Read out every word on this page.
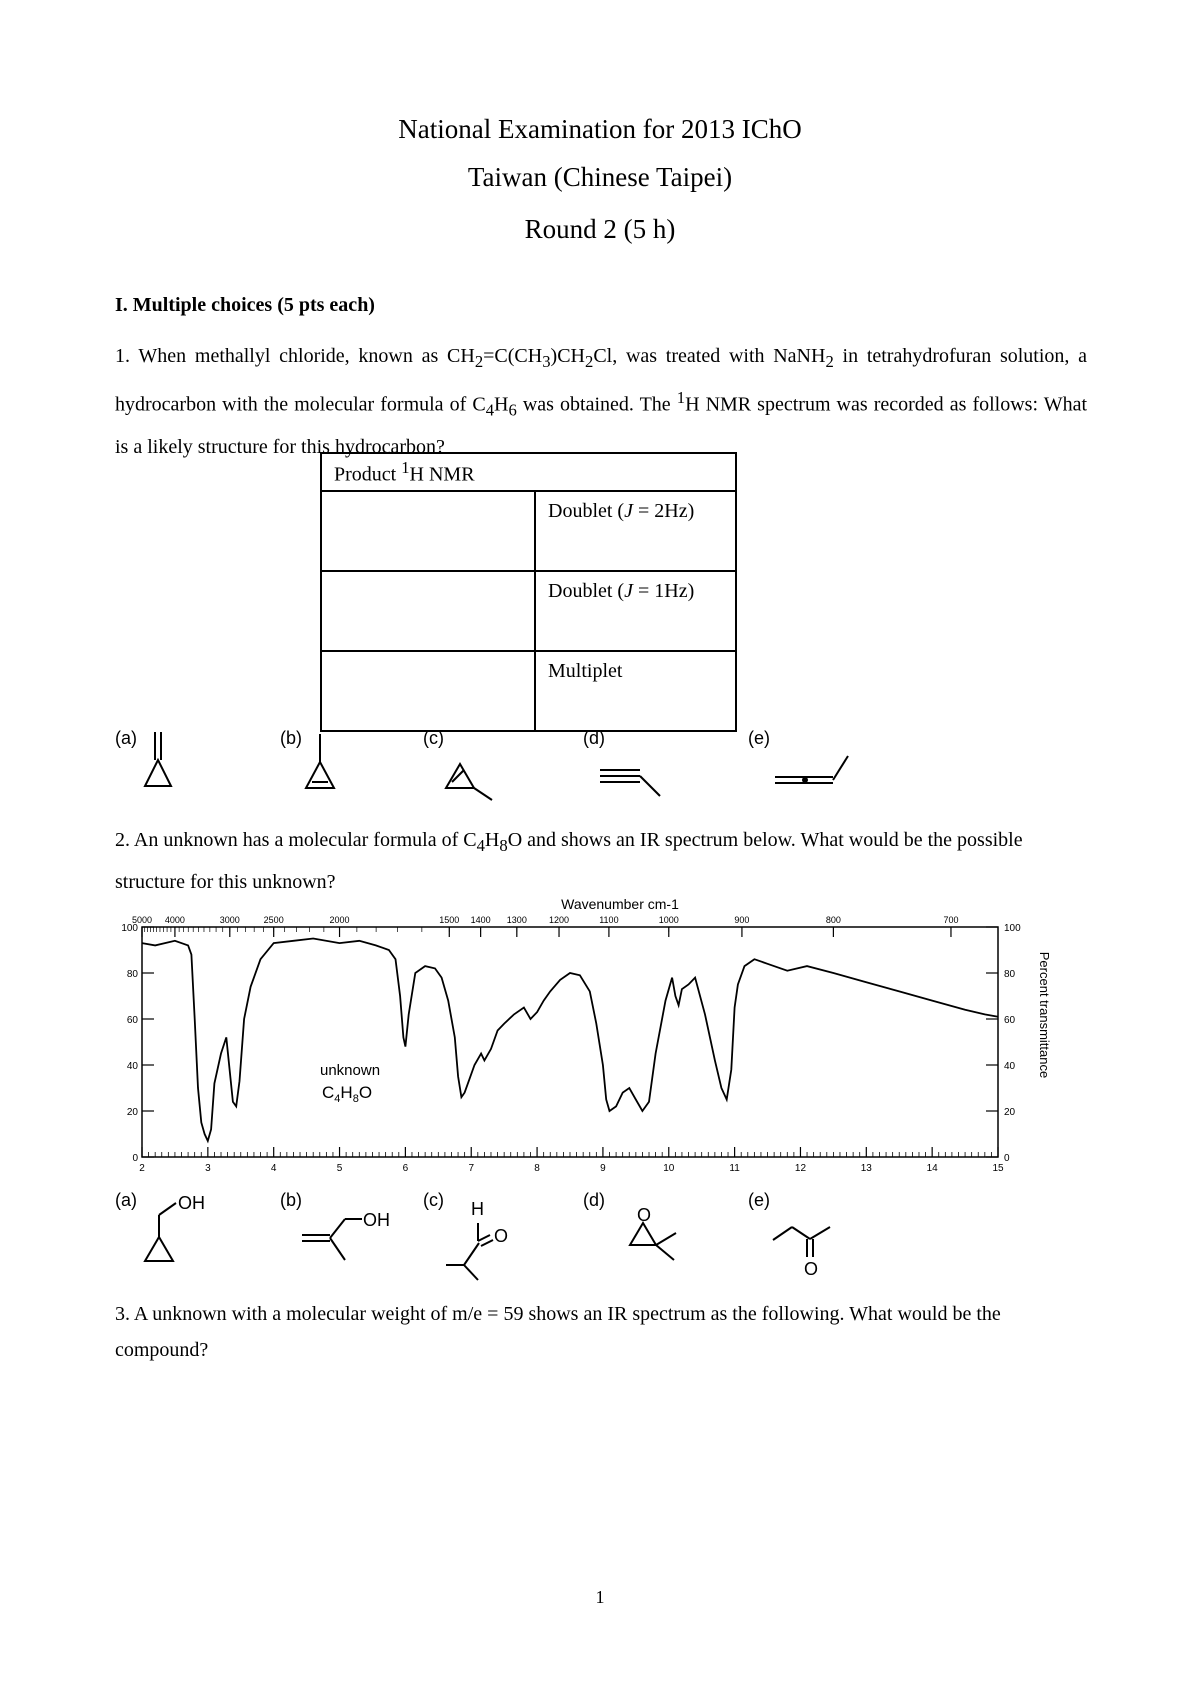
National Examination for 2013 IChO
Taiwan (Chinese Taipei)
Round 2 (5 h)
I. Multiple choices (5 pts each)
1. When methallyl chloride, known as $CH_2=C(CH_3)CH_2Cl$, was treated with NaNH$_2$ in tetrahydrofuran solution, a hydrocarbon with the molecular formula of $C_4H_6$ was obtained. The $^1$H NMR spectrum was recorded as follows: What is a likely structure for this hydrocarbon?
Product $^1$H NMR	
	Doublet (J = 2Hz)
	Doublet (J = 1Hz)
	Multiplet
(a)	(b)	(c)	(d)	(e)
2. An unknown has a molecular formula of $C_4H_8O$ and shows an IR spectrum below. What would be the possible structure for this unknown?
Wavenumber cm-1
Percent transmittance
2	3	4	5	6	7	8	9	10	11	12	13	14	15
5000 4000	3000	2500	2000	1500 1400 1300 1200	1100	1000	900	800	700
0
20
40
60
80
100
0
20
40
60
80
100
unknown
$C_4H_8O$
(a)	(b)	(c)	(d)	(e)
OH
OH
H
O
O
O
3. A unknown with a molecular weight of m/e = 59 shows an IR spectrum as the following. What would be the compound?
1
